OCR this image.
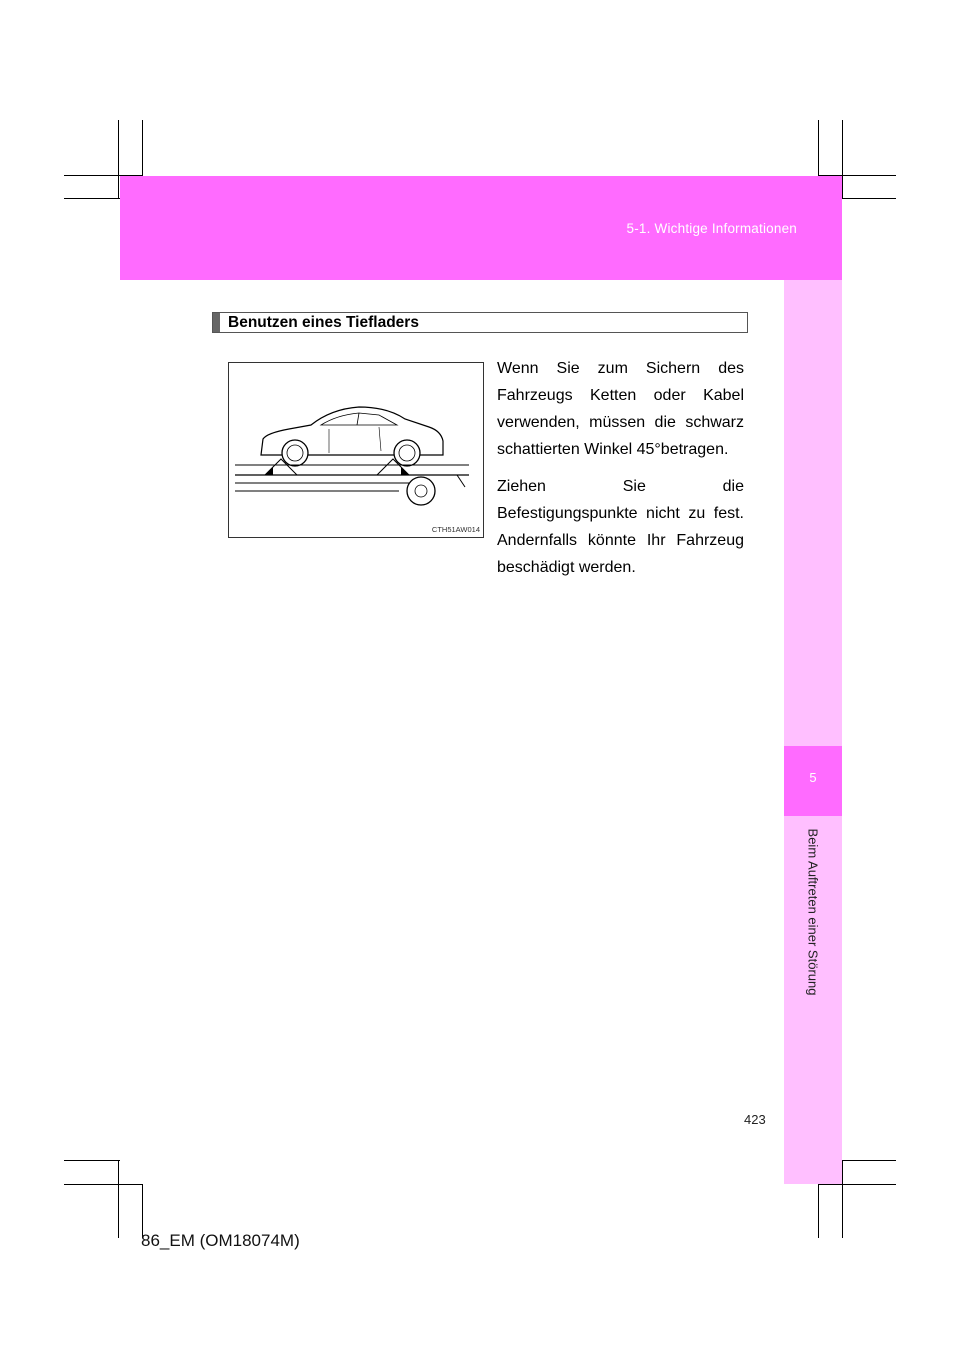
5-1. Wichtige Informationen
5
Beim Auftreten einer Störung
Benutzen eines Tiefladers
CTH51AW014

Wenn Sie zum Sichern des Fahrzeugs Ketten oder Kabel verwenden, müssen die schwarz schattierten Winkel 45°betragen.

Ziehen Sie die Befestigungspunkte nicht zu fest. Andernfalls könnte Ihr Fahrzeug beschädigt werden.

423
86_EM (OM18074M)
